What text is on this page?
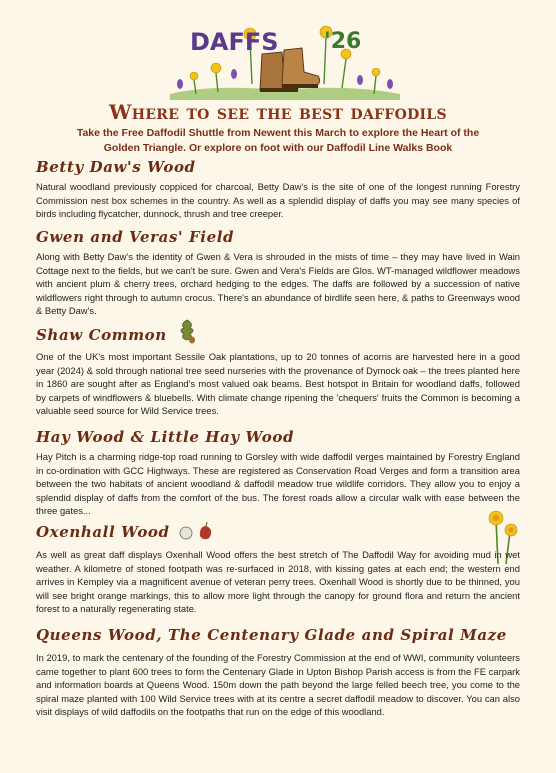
DAFFS '26
Where to see the best daffodils
Take the Free Daffodil Shuttle from Newent this March to explore the Heart of the Golden Triangle. Or explore on foot with our Daffodil Line Walks Book
Betty Daw's Wood

Natural woodland previously coppiced for charcoal, Betty Daw's is the site of one of the longest running Forestry Commission nest box schemes in the country. As well as a splendid display of daffs you may see many species of birds including flycatcher, dunnock, thrush and tree creeper.

Gwen and Veras' Field

Along with Betty Daw's the identity of Gwen & Vera is shrouded in the mists of time – they may have lived in Wain Cottage next to the fields, but we can't be sure. Gwen and Vera's Fields are Glos. WT-managed wildflower meadows with ancient plum & cherry trees, orchard hedging to the edges. The daffs are followed by a succession of native wildflowers right through to autumn crocus. There's an abundance of birdlife seen here, & paths to Greenways wood & Betty Daw's.

Shaw Common

One of the UK's most important Sessile Oak plantations, up to 20 tonnes of acorns are harvested here in a good year (2024) & sold through national tree seed nurseries with the provenance of Dymock oak – the trees planted here in 1860 are sought after as England's most valued oak beams. Best hotspot in Britain for woodland daffs, followed by carpets of windflowers & bluebells. With climate change ripening the 'chequers' fruits the Common is becoming a valuable seed source for Wild Service trees.

Hay Wood & Little Hay Wood

Hay Pitch is a charming ridge-top road running to Gorsley with wide daffodil verges maintained by Forestry England in co-ordination with GCC Highways. These are registered as Conservation Road Verges and form a transition area between the two habitats of ancient woodland & daffodil meadow true wildlife corridors. They allow you to enjoy a splendid display of daffs from the comfort of the bus. The forest roads allow a circular walk with ease between the three gates...

Oxenhall Wood

As well as great daff displays Oxenhall Wood offers the best stretch of The Daffodil Way for avoiding mud in wet weather. A kilometre of stoned footpath was re-surfaced in 2018, with kissing gates at each end; the western end arrives in Kempley via a magnificent avenue of veteran perry trees. Oxenhall Wood is shortly due to be thinned, you will see bright orange markings, this to allow more light through the canopy for ground flora and return the ancient forest to a naturally regenerating state.

Queens Wood, The Centenary Glade and Spiral Maze

In 2019, to mark the centenary of the founding of the Forestry Commission at the end of WWI, community volunteers came together to plant 600 trees to form the Centenary Glade in Upton Bishop Parish access is from the FE carpark and information boards at Queens Wood. 150m down the path beyond the large felled beech tree, you come to the spiral maze planted with 100 Wild Service trees with at its centre a secret daffodil meadow to discover. You can also visit displays of wild daffodils on the footpaths that run on the edge of this woodland.
